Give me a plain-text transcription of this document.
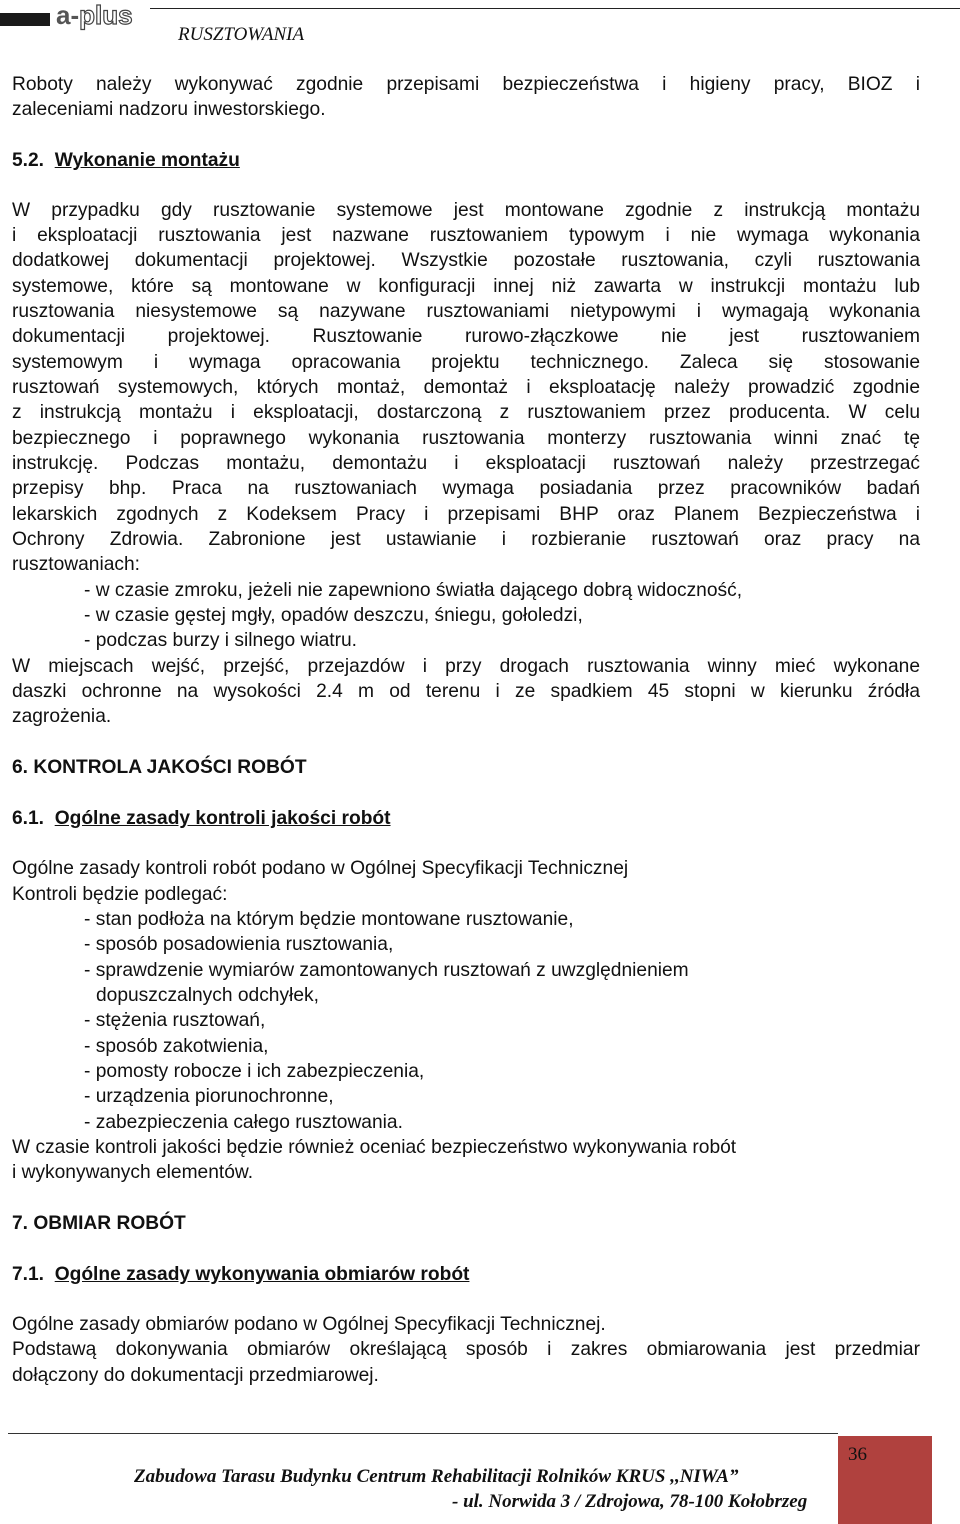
a-plus
RUSZTOWANIA
Roboty należy wykonywać zgodnie przepisami bezpieczeństwa i higieny pracy, BIOZ i
zaleceniami nadzoru inwestorskiego.
5.2. Wykonanie montażu
W przypadku gdy rusztowanie systemowe jest montowane zgodnie z instrukcją montażu
i eksploatacji rusztowania jest nazwane rusztowaniem typowym i nie wymaga wykonania
dodatkowej dokumentacji projektowej. Wszystkie pozostałe rusztowania, czyli rusztowania
systemowe, które są montowane w konfiguracji innej niż zawarta w instrukcji montażu lub
rusztowania niesystemowe są nazywane rusztowaniami nietypowymi i wymagają wykonania
dokumentacji projektowej. Rusztowanie rurowo-złączkowe nie jest rusztowaniem
systemowym i wymaga opracowania projektu technicznego. Zaleca się stosowanie
rusztowań systemowych, których montaż, demontaż i eksploatację należy prowadzić zgodnie
z instrukcją montażu i eksploatacji, dostarczoną z rusztowaniem przez producenta. W celu
bezpiecznego i poprawnego wykonania rusztowania monterzy rusztowania winni znać tę
instrukcję. Podczas montażu, demontażu i eksploatacji rusztowań należy przestrzegać
przepisy bhp. Praca na rusztowaniach wymaga posiadania przez pracowników badań
lekarskich zgodnych z Kodeksem Pracy i przepisami BHP oraz Planem Bezpieczeństwa i
Ochrony Zdrowia. Zabronione jest ustawianie i rozbieranie rusztowań oraz pracy na
rusztowaniach:
- w czasie zmroku, jeżeli nie zapewniono światła dającego dobrą widoczność,
- w czasie gęstej mgły, opadów deszczu, śniegu, gołoledzi,
- podczas burzy i silnego wiatru.
W miejscach wejść, przejść, przejazdów i przy drogach rusztowania winny mieć wykonane
daszki ochronne na wysokości 2.4 m od terenu i ze spadkiem 45 stopni w kierunku źródła
zagrożenia.
6. KONTROLA JAKOŚCI ROBÓT
6.1. Ogólne zasady kontroli jakości robót
Ogólne zasady kontroli robót podano w Ogólnej Specyfikacji Technicznej
Kontroli będzie podlegać:
- stan podłoża na którym będzie montowane rusztowanie,
- sposób posadowienia rusztowania,
- sprawdzenie wymiarów zamontowanych rusztowań z uwzględnieniem
dopuszczalnych odchyłek,
- stężenia rusztowań,
- sposób zakotwienia,
- pomosty robocze i ich zabezpieczenia,
- urządzenia piorunochronne,
- zabezpieczenia całego rusztowania.
W czasie kontroli jakości będzie również oceniać bezpieczeństwo wykonywania robót
i wykonywanych elementów.
7. OBMIAR ROBÓT
7.1. Ogólne zasady wykonywania obmiarów robót
Ogólne zasady obmiarów podano w Ogólnej Specyfikacji Technicznej.
Podstawą dokonywania obmiarów określającą sposób i zakres obmiarowania jest przedmiar
dołączony do dokumentacji przedmiarowej.
36
Zabudowa Tarasu Budynku Centrum Rehabilitacji Rolników KRUS ,,NIWA”
- ul. Norwida 3 / Zdrojowa, 78-100 Kołobrzeg
